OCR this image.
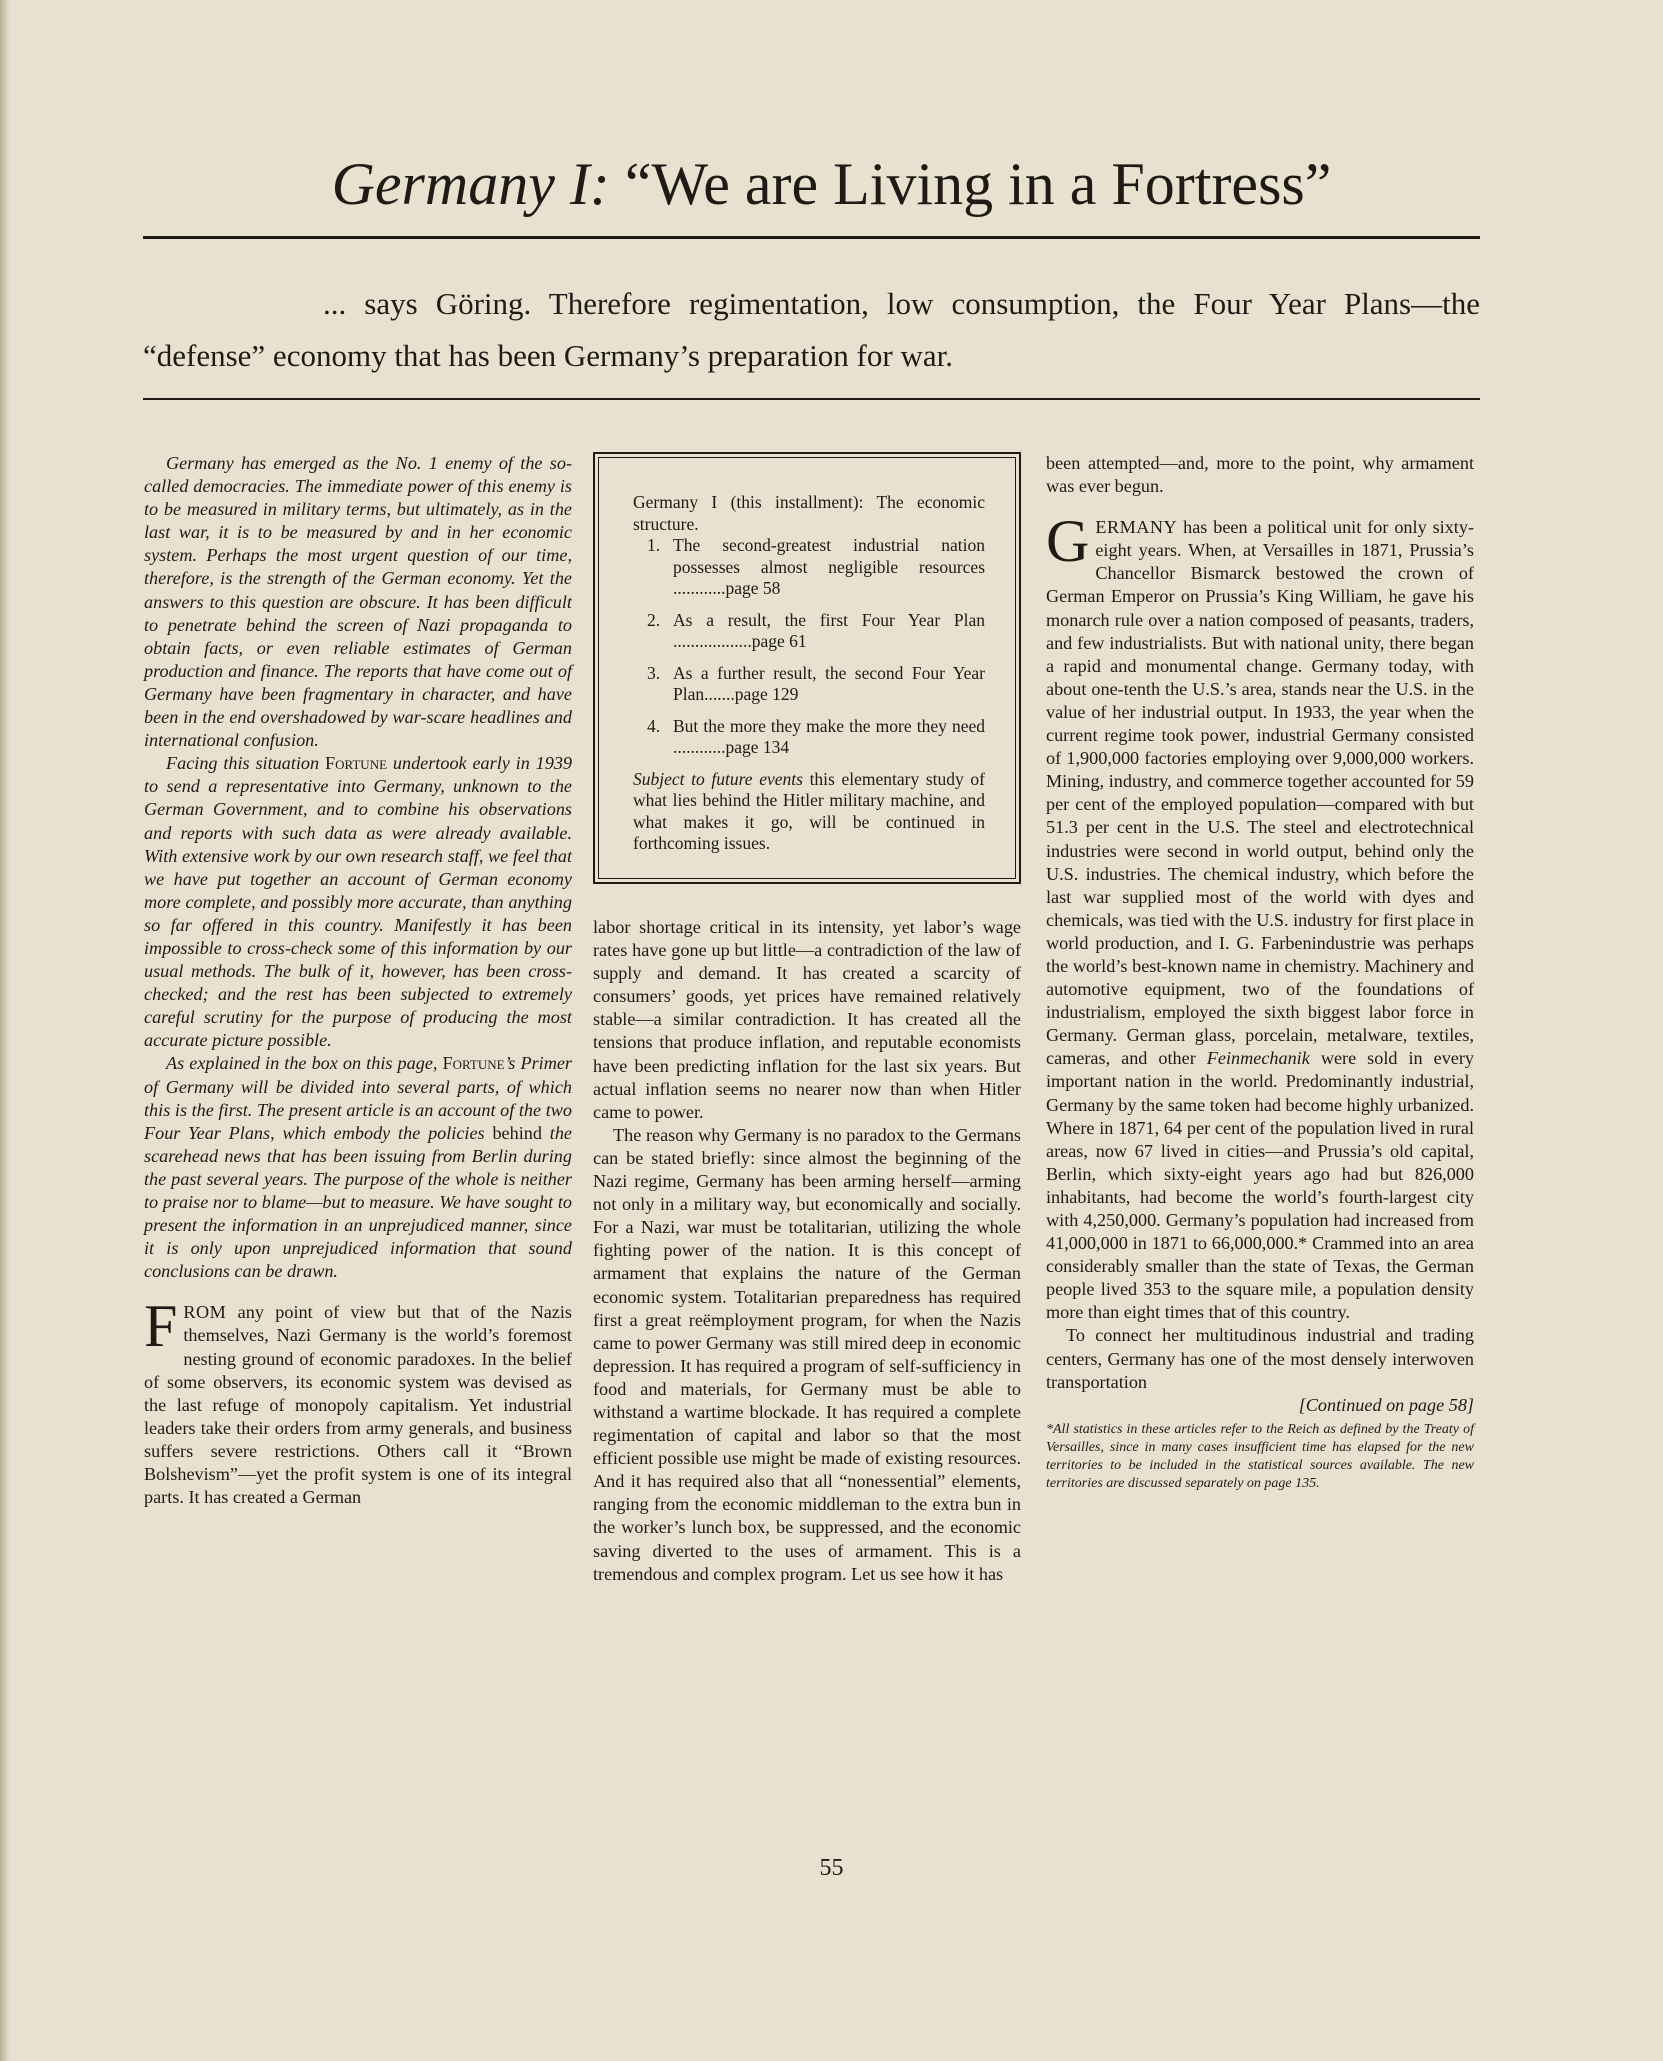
Germany I: “We are Living in a Fortress”

... says Göring. Therefore regimentation, low consumption, the Four Year Plans—the “defense” economy that has been Germany’s preparation for war.

Germany has emerged as the No. 1 enemy of the so-called democracies. The immediate power of this enemy is to be measured in military terms, but ultimately, as in the last war, it is to be measured by and in her economic system. Perhaps the most urgent question of our time, therefore, is the strength of the German economy. Yet the answers to this question are obscure. It has been difficult to penetrate behind the screen of Nazi propaganda to obtain facts, or even reliable estimates of German production and finance. The reports that have come out of Germany have been fragmentary in character, and have been in the end overshadowed by war-scare headlines and international confusion.

Facing this situation Fortune undertook early in 1939 to send a representative into Germany, unknown to the German Government, and to combine his observations and reports with such data as were already available. With extensive work by our own research staff, we feel that we have put together an account of German economy more complete, and possibly more accurate, than anything so far offered in this country. Manifestly it has been impossible to cross-check some of this information by our usual methods. The bulk of it, however, has been cross-checked; and the rest has been subjected to extremely careful scrutiny for the purpose of producing the most accurate picture possible.

As explained in the box on this page, Fortune’s Primer of Germany will be divided into several parts, of which this is the first. The present article is an account of the two Four Year Plans, which embody the policies behind the scarehead news that has been issuing from Berlin during the past several years. The purpose of the whole is neither to praise nor to blame—but to measure. We have sought to present the information in an unprejudiced manner, since it is only upon unprejudiced information that sound conclusions can be drawn.

FROM any point of view but that of the Nazis themselves, Nazi Germany is the world’s foremost nesting ground of economic paradoxes. In the belief of some observers, its economic system was devised as the last refuge of monopoly capitalism. Yet industrial leaders take their orders from army generals, and business suffers severe restrictions. Others call it “Brown Bolshevism”—yet the profit system is one of its integral parts. It has created a German

Germany I (this installment): The economic structure.

1. The second-greatest industrial nation possesses almost negligible resources ............page 58
2. As a result, the first Four Year Plan ..................page 61
3. As a further result, the second Four Year Plan.......page 129
4. But the more they make the more they need ............page 134

Subject to future events this elementary study of what lies behind the Hitler military machine, and what makes it go, will be continued in forthcoming issues.

labor shortage critical in its intensity, yet labor’s wage rates have gone up but little—a contradiction of the law of supply and demand. It has created a scarcity of consumers’ goods, yet prices have remained relatively stable—a similar contradiction. It has created all the tensions that produce inflation, and reputable economists have been predicting inflation for the last six years. But actual inflation seems no nearer now than when Hitler came to power.

The reason why Germany is no paradox to the Germans can be stated briefly: since almost the beginning of the Nazi regime, Germany has been arming herself—arming not only in a military way, but economically and socially. For a Nazi, war must be totalitarian, utilizing the whole fighting power of the nation. It is this concept of armament that explains the nature of the German economic system. Totalitarian preparedness has required first a great reëmployment program, for when the Nazis came to power Germany was still mired deep in economic depression. It has required a program of self-sufficiency in food and materials, for Germany must be able to withstand a wartime blockade. It has required a complete regimentation of capital and labor so that the most efficient possible use might be made of existing resources. And it has required also that all “nonessential” elements, ranging from the economic middleman to the extra bun in the worker’s lunch box, be suppressed, and the economic saving diverted to the uses of armament. This is a tremendous and complex program. Let us see how it has

been attempted—and, more to the point, why armament was ever begun.

GERMANY has been a political unit for only sixty-eight years. When, at Versailles in 1871, Prussia’s Chancellor Bismarck bestowed the crown of German Emperor on Prussia’s King William, he gave his monarch rule over a nation composed of peasants, traders, and few industrialists. But with national unity, there began a rapid and monumental change. Germany today, with about one-tenth the U.S.’s area, stands near the U.S. in the value of her industrial output. In 1933, the year when the current regime took power, industrial Germany consisted of 1,900,000 factories employing over 9,000,000 workers. Mining, industry, and commerce together accounted for 59 per cent of the employed population—compared with but 51.3 per cent in the U.S. The steel and electrotechnical industries were second in world output, behind only the U.S. industries. The chemical industry, which before the last war supplied most of the world with dyes and chemicals, was tied with the U.S. industry for first place in world production, and I. G. Farbenindustrie was perhaps the world’s best-known name in chemistry. Machinery and automotive equipment, two of the foundations of industrialism, employed the sixth biggest labor force in Germany. German glass, porcelain, metalware, textiles, cameras, and other Feinmechanik were sold in every important nation in the world. Predominantly industrial, Germany by the same token had become highly urbanized. Where in 1871, 64 per cent of the population lived in rural areas, now 67 lived in cities—and Prussia’s old capital, Berlin, which sixty-eight years ago had but 826,000 inhabitants, had become the world’s fourth-largest city with 4,250,000. Germany’s population had increased from 41,000,000 in 1871 to 66,000,000.* Crammed into an area considerably smaller than the state of Texas, the German people lived 353 to the square mile, a population density more than eight times that of this country.

To connect her multitudinous industrial and trading centers, Germany has one of the most densely interwoven transportation

[Continued on page 58]

*All statistics in these articles refer to the Reich as defined by the Treaty of Versailles, since in many cases insufficient time has elapsed for the new territories to be included in the statistical sources available. The new territories are discussed separately on page 135.

55
